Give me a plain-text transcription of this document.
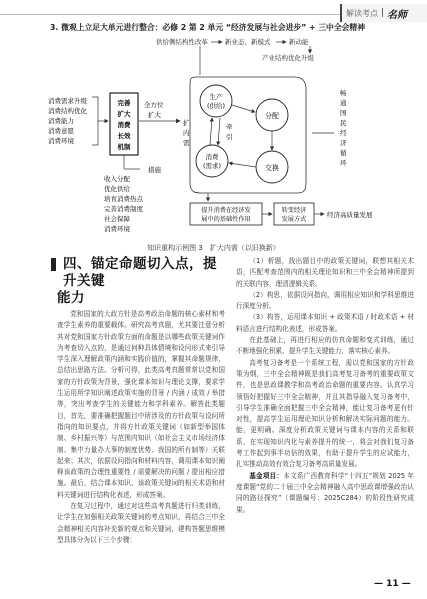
解读考点 | 名师
3. 微观上立足大单元进行整合：必修 2 第 2 单元 “经济发展与社会进步” + 三中全会精神
供给侧结构性改革	新业态、新模式	新动能
产业结构优化升级
消费需求升级
消费结构优化
消费能力
消费意愿
消费环境
完善
扩大
消费
长效
机制
全方位
扩大
措施
收入分配
优化供给
培育消费热点
完善消费制度
社会保障
消费环境
扩
内
需
生产
(供给)
分配
消费
(需求)	交换
牵
引
畅
通
国
民
经
济
循
环
提升消费在经济发
展中的基础性作用
转变经济
发展方式
经济高质量发展
知识重构示例图 3　扩大内需（以旧换新）
四、锚定命题切入点，提升关键
能力

党和国家的大政方针是高考政治命题的核心素材和考查学生素养的重要载体。研究高考真题，尤其要注意分析其对党和国家方针政策方面的命题是以哪些政策关键词作为考查切入点的，是通过何种具体情境和设问形式来引导学生深入理解政策内涵和实践价值的，掌握其命题规律，总结出思路方法。分析可得，此类高考真题常常以党和国家的方针政策为背景，强化课本知识与理论支撑，要求学生运用所学知识阐述政策实施的背景 / 内涵 / 成效 / 举措等，突出考查学生的关键能力和学科素养。解答此类题目，首先，要准确把握题目中所涉及的方针政策与设问所指向的知识要点，并将方针政策关键词（如新型举国体制、乡村振兴等）与范围内知识（如社会主义市场经济体制、集中力量办大事的制度优势、我国的所有制等）关联起来；其次，依据设问指向和材料内容，调用课本知识阐释该政策的合理性重要性 / 需要解决的问题 / 提出相应措施。最后，结合课本知识、该政策关键词的相关术语和材料关键词进行结构化表述，形成答案。

在复习过程中，通过对这些高考真题进行归类训练，让学生在加强相关政策关键词的考点知识，再结合三中全会精神相关内容补充新的观点和关键词，建构答题思维模型具体分为以下三个步骤：

（1）析题，找出题目中的政策关键词，联想其相关术语，匹配考查范围内的相关理论知识和三中全会精神所提到的关联内容，理清逻辑关系。

（2）构思，依据设问指向，调用相应知识和学科思维进行深度分析。

（3）构答，运用课本知识 + 政策术语 / 时政术语 + 材料语言进行结构化表述，形成答案。

在此基础上，再进行相应的仿真命题和变式训练，通过不断地强化积累，提升学生关键能力，落实核心素养。

高考复习备考是一个系统工程，需以党和国家的方针政策为纲，三中全会精神既是我们高考复习备考的重要政策文件，也是思政课教学和高考政治命题的重要内容。认真学习领悟好把握好三中全会精神，并且其指导融入复习备考中，引导学生准确全面把握三中全会精神，能让复习备考更有针对性，提高学生运用理论知识分析和解决实际问题的能力。能，更明确。深度分析政策关键词与课本内容的关系和联系，在实现知识内化与素养提升的统一，将会对我们复习备考工作起到事半功倍的效果，有助于提升学生的应试能力，扎实推动高效有效合复习备考高质量发展。

基金项目：本文系广西教育科学“十四五”规划 2025 年度课题“党的二十届三中全会精神融入高中思政课增强政治认同的路径探究”（课题编号：2025C284）的阶段性研究成果。

— 11 —
